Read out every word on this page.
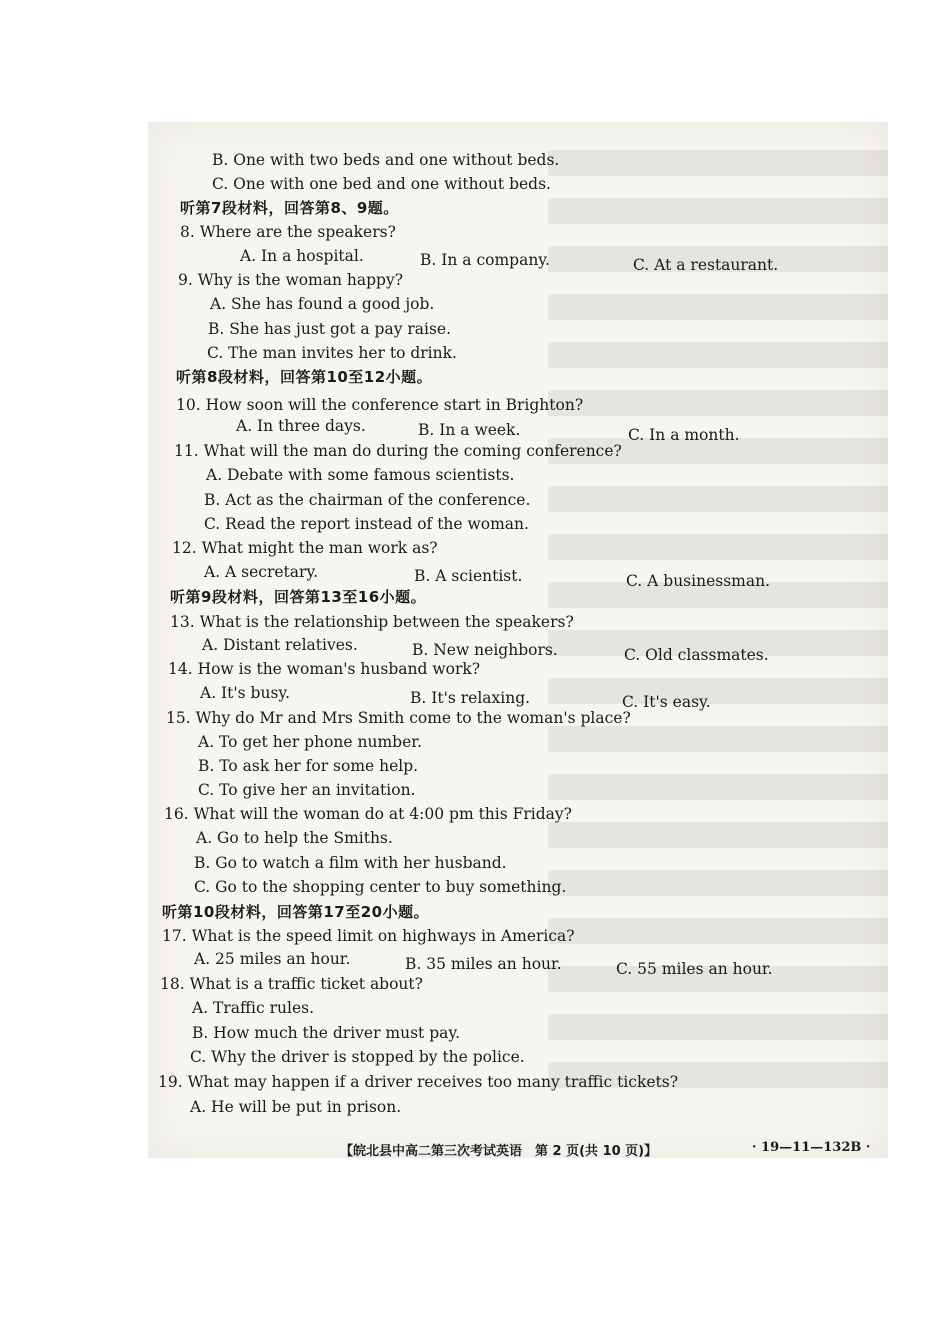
B. One with two beds and one without beds.
C. One with one bed and one without beds.
听第7段材料，回答第8、9题。
8. Where are the speakers?
A. In a hospital.	B. In a company.	C. At a restaurant.
9. Why is the woman happy?
A. She has found a good job.
B. She has just got a pay raise.
C. The man invites her to drink.
听第8段材料，回答第10至12小题。
10. How soon will the conference start in Brighton?
A. In three days.	B. In a week.	C. In a month.
11. What will the man do during the coming conference?
A. Debate with some famous scientists.
B. Act as the chairman of the conference.
C. Read the report instead of the woman.
12. What might the man work as?
A. A secretary.	B. A scientist.	C. A businessman.
听第9段材料，回答第13至16小题。
13. What is the relationship between the speakers?
A. Distant relatives.	B. New neighbors.	C. Old classmates.
14. How is the woman's husband work?
A. It's busy.	B. It's relaxing.	C. It's easy.
15. Why do Mr and Mrs Smith come to the woman's place?
A. To get her phone number.
B. To ask her for some help.
C. To give her an invitation.
16. What will the woman do at 4:00 pm this Friday?
A. Go to help the Smiths.
B. Go to watch a film with her husband.
C. Go to the shopping center to buy something.
听第10段材料，回答第17至20小题。
17. What is the speed limit on highways in America?
A. 25 miles an hour.	B. 35 miles an hour.	C. 55 miles an hour.
18. What is a traffic ticket about?
A. Traffic rules.
B. How much the driver must pay.
C. Why the driver is stopped by the police.
19. What may happen if a driver receives too many traffic tickets?
A. He will be put in prison.
【皖北县中高二第三次考试英语　第 2 页(共 10 页)】	· 19—11—132B ·
